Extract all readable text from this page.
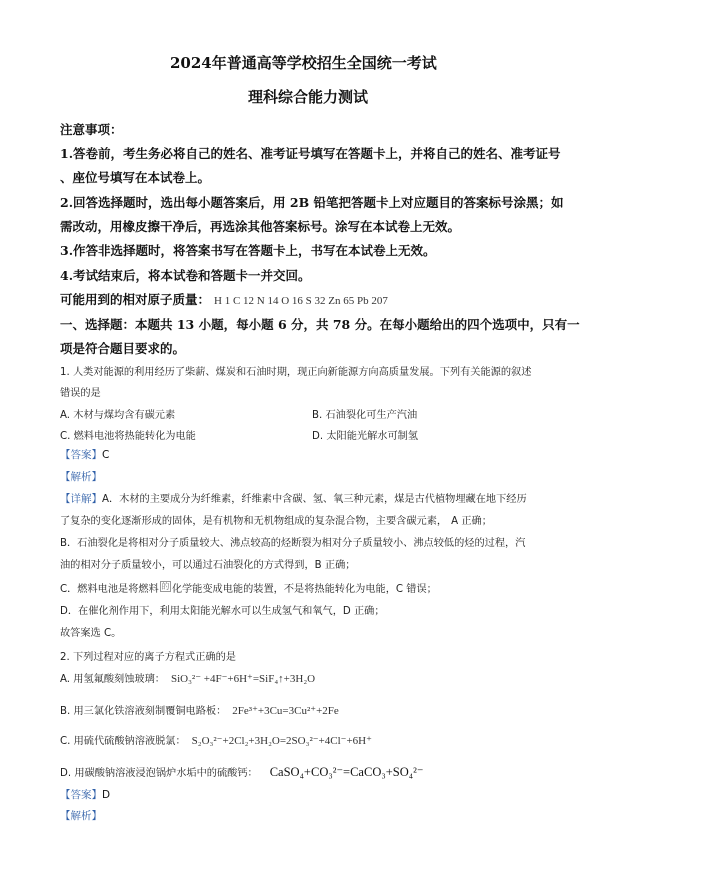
2024年普通高等学校招生全国统一考试
理科综合能力测试
注意事项：
1.答卷前，考生务必将自己的姓名、准考证号填写在答题卡上，并将自己的姓名、准考证号
、座位号填写在本试卷上。
2.回答选择题时，选出每小题答案后，用 2B 铅笔把答题卡上对应题目的答案标号涂黑；如
需改动，用橡皮擦干净后，再选涂其他答案标号。涂写在本试卷上无效。
3.作答非选择题时，将答案书写在答题卡上，书写在本试卷上无效。
4.考试结束后，将本试卷和答题卡一并交回。
可能用到的相对原子质量： H 1 C 12 N 14 O 16 S 32 Zn 65 Pb 207
一、选择题：本题共 13 小题，每小题 6 分，共 78 分。在每小题给出的四个选项中，只有一
项是符合题目要求的。
1. 人类对能源的利用经历了柴薪、煤炭和石油时期，现正向新能源方向高质量发展。下列有关能源的叙述
错误的是
A. 木材与煤均含有碳元素	B. 石油裂化可生产汽油
C. 燃料电池将热能转化为电能	D. 太阳能光解水可制氢
【答案】C
【解析】
【详解】A．木材的主要成分为纤维素，纤维素中含碳、氢、氧三种元素，煤是古代植物埋藏在地下经历
了复杂的变化逐渐形成的固体，是有机物和无机物组成的复杂混合物，主要含碳元素， A 正确；
B．石油裂化是将相对分子质量较大、沸点较高的烃断裂为相对分子质量较小、沸点较低的烃的过程，汽
油的相对分子质量较小，可以通过石油裂化的方式得到，B 正确；
C．燃料电池是将燃料 的 化学能变成电能的装置，不是将热能转化为电能，C 错误；
D．在催化剂作用下，利用太阳能光解水可以生成氢气和氧气，D 正确；
故答案选 C。
2. 下列过程对应的离子方程式正确的是
A. 用氢氟酸刻蚀玻璃： SiO₃²⁻ +4F⁻+6H⁺=SiF₄↑+3H₂O
B. 用三氯化铁溶液刻制覆铜电路板： 2Fe³⁺+3Cu=3Cu²⁺+2Fe
C. 用硫代硫酸钠溶液脱氯： S₂O₃²⁻+2Cl₂+3H₂O=2SO₃²⁻+4Cl⁻+6H⁺
D. 用碳酸钠溶液浸泡锅炉水垢中的硫酸钙： CaSO₄+CO₃²⁻=CaCO₃+SO₄²⁻
【答案】D
【解析】
